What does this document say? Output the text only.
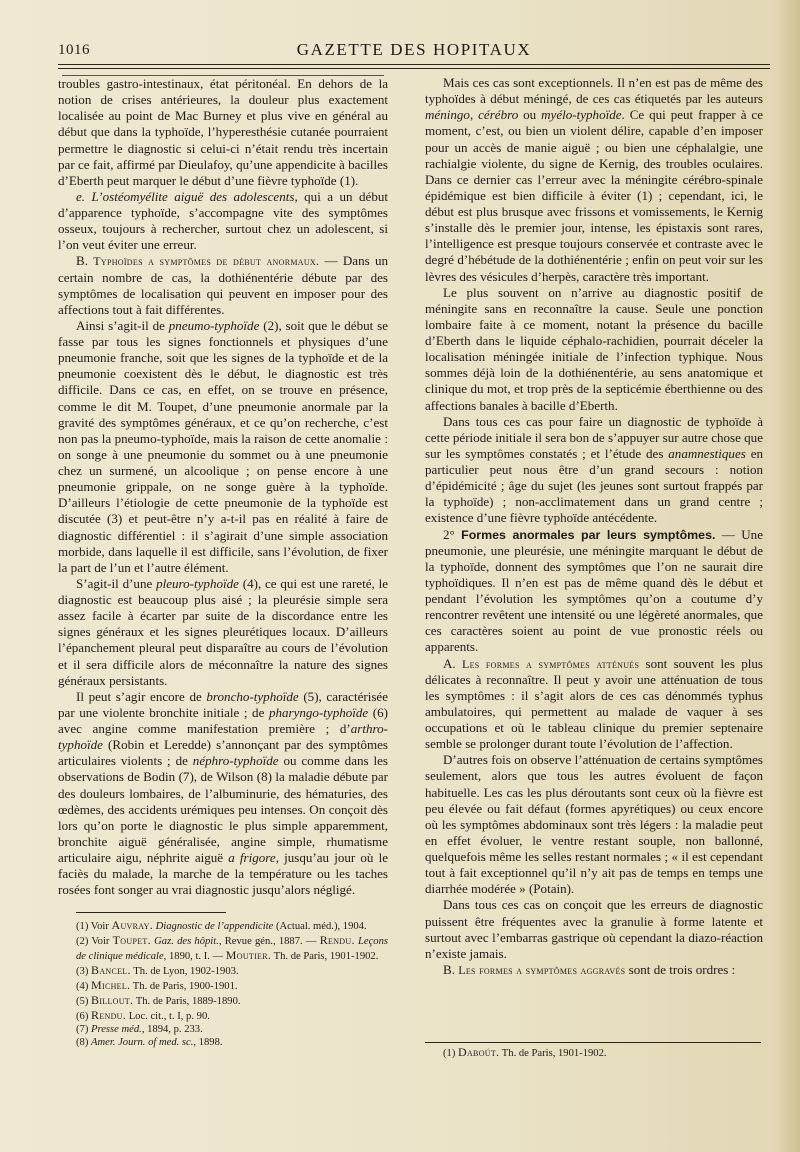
1016	GAZETTE DES HOPITAUX

troubles gastro-intestinaux, état péritonéal. En dehors de la notion de crises antérieures, la douleur plus exactement localisée au point de Mac Burney et plus vive en général au début que dans la typhoïde, l’hyperesthésie cutanée pourraient permettre le diagnostic si celui-ci n’était rendu très incertain par ce fait, affirmé par Dieulafoy, qu’une appendicite à bacilles d’Eberth peut marquer le début d’une fièvre typhoïde (1).

e. L’ostéomyélite aiguë des adolescents, qui a un début d’apparence typhoïde, s’accompagne vite des symptômes osseux, toujours à rechercher, surtout chez un adolescent, si l’on veut éviter une erreur.

B. Typhoïdes a symptômes de début anormaux. — Dans un certain nombre de cas, la dothiénentérie débute par des symptômes de localisation qui peuvent en imposer pour des affections tout à fait différentes.

Ainsi s’agit-il de pneumo-typhoïde (2), soit que le début se fasse par tous les signes fonctionnels et physiques d’une pneumonie franche, soit que les signes de la typhoïde et de la pneumonie coexistent dès le début, le diagnostic est très difficile. Dans ce cas, en effet, on se trouve en présence, comme le dit M. Toupet, d’une pneumonie anormale par la gravité des symptômes généraux, et ce qu’on recherche, c’est non pas la pneumo-typhoïde, mais la raison de cette anomalie : on songe à une pneumonie du sommet ou à une pneumonie chez un surmené, un alcoolique ; on pense encore à une pneumonie grippale, on ne songe guère à la typhoïde. D’ailleurs l’étiologie de cette pneumonie de la typhoïde est discutée (3) et peut-être n’y a-t-il pas en réalité à faire de diagnostic différentiel : il s’agirait d’une simple association morbide, dans laquelle il est difficile, sans l’évolution, de fixer la part de l’un et l’autre élément.

S’agit-il d’une pleuro-typhoïde (4), ce qui est une rareté, le diagnostic est beaucoup plus aisé ; la pleurésie simple sera assez facile à écarter par suite de la discordance entre les signes généraux et les signes pleurétiques locaux. D’ailleurs l’épanchement pleural peut disparaître au cours de l’évolution et il sera difficile alors de méconnaître la nature des signes généraux persistants.

Il peut s’agir encore de broncho-typhoïde (5), caractérisée par une violente bronchite initiale ; de pharyngo-typhoïde (6) avec angine comme manifestation première ; d’arthro-typhoïde (Robin et Leredde) s’annonçant par des symptômes articulaires violents ; de néphro-typhoïde ou comme dans les observations de Bodin (7), de Wilson (8) la maladie débute par des douleurs lombaires, de l’albuminurie, des hématuries, des œdèmes, des accidents urémiques peu intenses. On conçoit dès lors qu’on porte le diagnostic le plus simple apparemment, bronchite aiguë généralisée, angine simple, rhumatisme articulaire aigu, néphrite aiguë a frigore, jusqu’au jour où le faciès du malade, la marche de la température ou les taches rosées font songer au vrai diagnostic jusqu’alors négligé.

(1) Voir Auvray. Diagnostic de l’appendicite (Actual. méd.), 1904.
(2) Voir Toupet. Gaz. des hôpit., Revue gén., 1887. — Rendu. Leçons de clinique médicale, 1890, t. I. — Moutier. Th. de Paris, 1901-1902.
(3) Bancel. Th. de Lyon, 1902-1903.
(4) Michel. Th. de Paris, 1900-1901.
(5) Billout. Th. de Paris, 1889-1890.
(6) Rendu. Loc. cit., t. I, p. 90.
(7) Presse méd., 1894, p. 233.
(8) Amer. Journ. of med. sc., 1898.

Mais ces cas sont exceptionnels. Il n’en est pas de même des typhoïdes à début méningé, de ces cas étiquetés par les auteurs méningo, cérébro ou myélo-typhoïde. Ce qui peut frapper à ce moment, c’est, ou bien un violent délire, capable d’en imposer pour un accès de manie aiguë ; ou bien une céphalalgie, une rachialgie violente, du signe de Kernig, des troubles oculaires. Dans ce dernier cas l’erreur avec la méningite cérébro-spinale épidémique est bien difficile à éviter (1) ; cependant, ici, le début est plus brusque avec frissons et vomissements, le Kernig s’installe dès le premier jour, intense, les épistaxis sont rares, l’intelligence est presque toujours conservée et contraste avec le degré d’hébétude de la dothiénentérie ; enfin on peut voir sur les lèvres des vésicules d’herpès, caractère très important.

Le plus souvent on n’arrive au diagnostic positif de méningite sans en reconnaître la cause. Seule une ponction lombaire faite à ce moment, notant la présence du bacille d’Eberth dans le liquide céphalo-rachidien, pourrait déceler la localisation méningée initiale de l’infection typhique. Nous sommes déjà loin de la dothiénentérie, au sens anatomique et clinique du mot, et trop près de la septicémie éberthienne ou des affections banales à bacille d’Eberth.

Dans tous ces cas pour faire un diagnostic de typhoïde à cette période initiale il sera bon de s’appuyer sur autre chose que sur les symptômes constatés ; et l’étude des anamnestiques en particulier peut nous être d’un grand secours : notion d’épidémicité ; âge du sujet (les jeunes sont surtout frappés par la typhoïde) ; non-acclimatement dans un grand centre ; existence d’une fièvre typhoïde antécédente.

2° Formes anormales par leurs symptômes. — Une pneumonie, une pleurésie, une méningite marquant le début de la typhoïde, donnent des symptômes que l’on ne saurait dire typhoïdiques. Il n’en est pas de même quand dès le début et pendant l’évolution les symptômes qu’on a coutume d’y rencontrer revêtent une intensité ou une légèreté anormales, que ces caractères soient au point de vue pronostic réels ou apparents.

A. Les formes a symptômes atténués sont souvent les plus délicates à reconnaître. Il peut y avoir une atténuation de tous les symptômes : il s’agit alors de ces cas dénommés typhus ambulatoires, qui permettent au malade de vaquer à ses occupations et où le tableau clinique du premier septenaire semble se prolonger durant toute l’évolution de l’affection.

D’autres fois on observe l’atténuation de certains symptômes seulement, alors que tous les autres évoluent de façon habituelle. Les cas les plus déroutants sont ceux où la fièvre est peu élevée ou fait défaut (formes apyrétiques) ou ceux encore où les symptômes abdominaux sont très légers : la maladie peut en effet évoluer, le ventre restant souple, non ballonné, quelquefois même les selles restant normales ; « il est cependant tout à fait exceptionnel qu’il n’y ait pas de temps en temps une diarrhée modérée » (Potain).

Dans tous ces cas on conçoit que les erreurs de diagnostic puissent être fréquentes avec la granulie à forme latente et surtout avec l’embarras gastrique où cependant la diazo-réaction n’existe jamais.

B. Les formes a symptômes aggravés sont de trois ordres :

(1) Daboút. Th. de Paris, 1901-1902.
